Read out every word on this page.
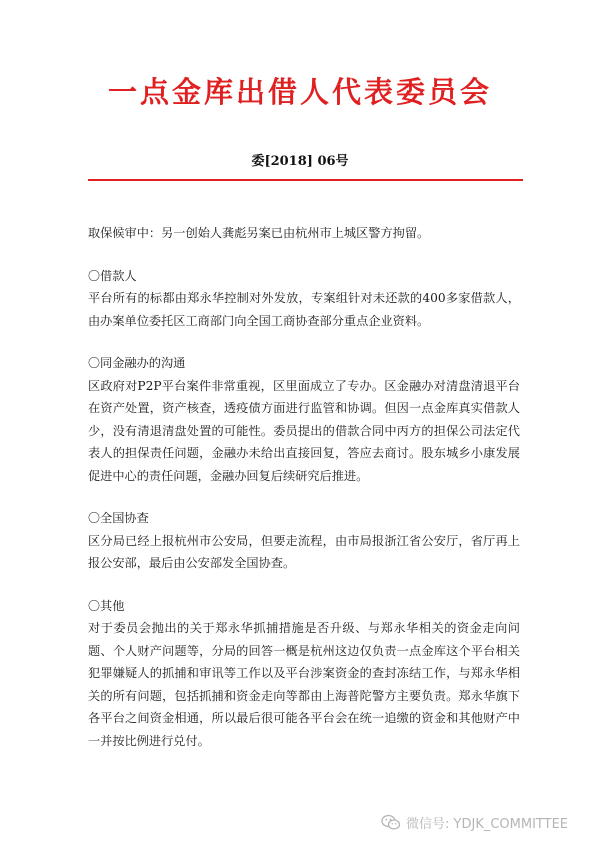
一点金库出借人代表委员会
委[2018] 06号

取保候审中：另一创始人龚彪另案已由杭州市上城区警方拘留。

〇借款人
平台所有的标都由郑永华控制对外发放，专案组针对未还款的400多家借款人，由办案单位委托区工商部门向全国工商协查部分重点企业资料。
〇同金融办的沟通
区政府对P2P平台案件非常重视，区里面成立了专办。区金融办对清盘清退平台在资产处置，资产核查，透疫债方面进行监管和协调。但因一点金库真实借款人少，没有清退清盘处置的可能性。委员提出的借款合同中丙方的担保公司法定代表人的担保责任问题，金融办未给出直接回复，答应去商讨。股东城乡小康发展促进中心的责任问题，金融办回复后续研究后推进。
〇全国协查
区分局已经上报杭州市公安局，但要走流程，由市局报浙江省公安厅，省厅再上报公安部，最后由公安部发全国协查。
〇其他
对于委员会抛出的关于郑永华抓捕措施是否升级、与郑永华相关的资金走向问题、个人财产问题等，分局的回答一概是杭州这边仅负责一点金库这个平台相关犯罪嫌疑人的抓捕和审讯等工作以及平台涉案资金的查封冻结工作，与郑永华相关的所有问题，包括抓捕和资金走向等都由上海普陀警方主要负责。郑永华旗下各平台之间资金相通，所以最后很可能各平台会在统一追缴的资金和其他财产中一并按比例进行兑付。
微信号: YDJK_COMMITTEE
